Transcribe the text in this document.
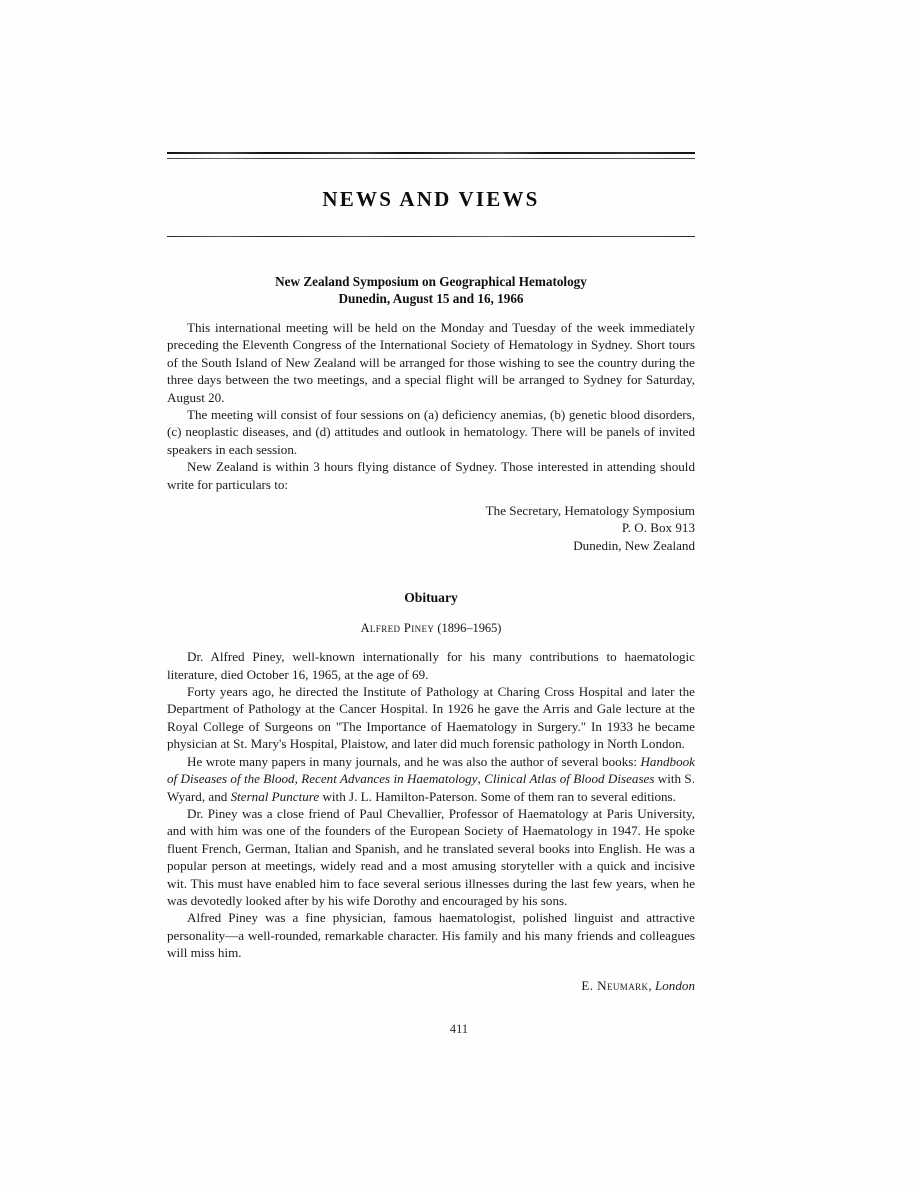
NEWS AND VIEWS
New Zealand Symposium on Geographical Hematology
Dunedin, August 15 and 16, 1966

This international meeting will be held on the Monday and Tuesday of the week immediately preceding the Eleventh Congress of the International Society of Hematology in Sydney. Short tours of the South Island of New Zealand will be arranged for those wishing to see the country during the three days between the two meetings, and a special flight will be arranged to Sydney for Saturday, August 20.

The meeting will consist of four sessions on (a) deficiency anemias, (b) genetic blood disorders, (c) neoplastic diseases, and (d) attitudes and outlook in hematology. There will be panels of invited speakers in each session.

New Zealand is within 3 hours flying distance of Sydney. Those interested in attending should write for particulars to:

The Secretary, Hematology Symposium
P. O. Box 913
Dunedin, New Zealand
Obituary
Alfred Piney (1896–1965)

Dr. Alfred Piney, well-known internationally for his many contributions to haematologic literature, died October 16, 1965, at the age of 69.

Forty years ago, he directed the Institute of Pathology at Charing Cross Hospital and later the Department of Pathology at the Cancer Hospital. In 1926 he gave the Arris and Gale lecture at the Royal College of Surgeons on "The Importance of Haematology in Surgery." In 1933 he became physician at St. Mary's Hospital, Plaistow, and later did much forensic pathology in North London.

He wrote many papers in many journals, and he was also the author of several books: Handbook of Diseases of the Blood, Recent Advances in Haematology, Clinical Atlas of Blood Diseases with S. Wyard, and Sternal Puncture with J. L. Hamilton-Paterson. Some of them ran to several editions.

Dr. Piney was a close friend of Paul Chevallier, Professor of Haematology at Paris University, and with him was one of the founders of the European Society of Haematology in 1947. He spoke fluent French, German, Italian and Spanish, and he translated several books into English. He was a popular person at meetings, widely read and a most amusing storyteller with a quick and incisive wit. This must have enabled him to face several serious illnesses during the last few years, when he was devotedly looked after by his wife Dorothy and encouraged by his sons.

Alfred Piney was a fine physician, famous haematologist, polished linguist and attractive personality—a well-rounded, remarkable character. His family and his many friends and colleagues will miss him.

E. Neumark, London
411
